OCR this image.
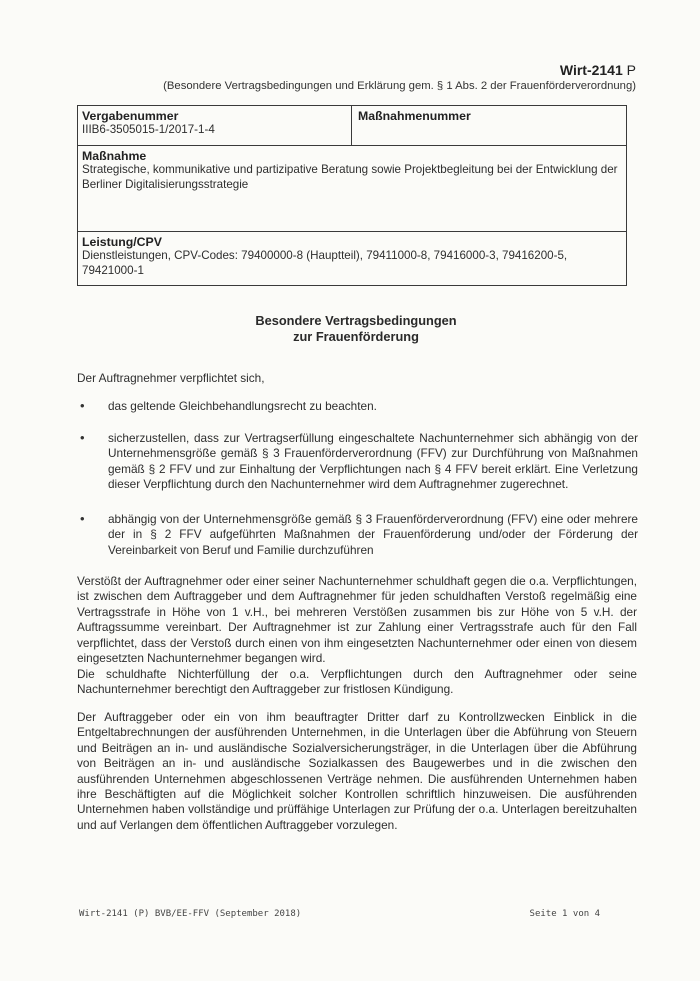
Wirt-2141 P
(Besondere Vertragsbedingungen und Erklärung gem. § 1 Abs. 2 der Frauenförderverordnung)
Vergabenummer
IIIB6-3505015-1/2017-1-4
Maßnahmenummer
Maßnahme
Strategische, kommunikative und partizipative Beratung sowie Projektbegleitung bei der Entwicklung der Berliner Digitalisierungsstrategie
Leistung/CPV
Dienstleistungen, CPV-Codes: 79400000-8 (Hauptteil), 79411000-8, 79416000-3, 79416200-5, 79421000-1
Besondere Vertragsbedingungen
zur Frauenförderung
Der Auftragnehmer verpflichtet sich,
• das geltende Gleichbehandlungsrecht zu beachten.
• sicherzustellen, dass zur Vertragserfüllung eingeschaltete Nachunternehmer sich abhängig von der Unternehmensgröße gemäß § 3 Frauenförderverordnung (FFV) zur Durchführung von Maßnahmen gemäß § 2 FFV und zur Einhaltung der Verpflichtungen nach § 4 FFV bereit erklärt. Eine Verletzung dieser Verpflichtung durch den Nachunternehmer wird dem Auftragnehmer zugerechnet.
• abhängig von der Unternehmensgröße gemäß § 3 Frauenförderverordnung (FFV) eine oder mehrere der in § 2 FFV aufgeführten Maßnahmen der Frauenförderung und/oder der Förderung der Vereinbarkeit von Beruf und Familie durchzuführen
Verstößt der Auftragnehmer oder einer seiner Nachunternehmer schuldhaft gegen die o.a. Verpflichtungen, ist zwischen dem Auftraggeber und dem Auftragnehmer für jeden schuldhaften Verstoß regelmäßig eine Vertragsstrafe in Höhe von 1 v.H., bei mehreren Verstößen zusammen bis zur Höhe von 5 v.H. der Auftragssumme vereinbart. Der Auftragnehmer ist zur Zahlung einer Vertragsstrafe auch für den Fall verpflichtet, dass der Verstoß durch einen von ihm eingesetzten Nachunternehmer oder einen von diesem eingesetzten Nachunternehmer begangen wird.
Die schuldhafte Nichterfüllung der o.a. Verpflichtungen durch den Auftragnehmer oder seine Nachunternehmer berechtigt den Auftraggeber zur fristlosen Kündigung.
Der Auftraggeber oder ein von ihm beauftragter Dritter darf zu Kontrollzwecken Einblick in die Entgeltabrechnungen der ausführenden Unternehmen, in die Unterlagen über die Abführung von Steuern und Beiträgen an in- und ausländische Sozialversicherungsträger, in die Unterlagen über die Abführung von Beiträgen an in- und ausländische Sozialkassen des Baugewerbes und in die zwischen den ausführenden Unternehmen abgeschlossenen Verträge nehmen. Die ausführenden Unternehmen haben ihre Beschäftigten auf die Möglichkeit solcher Kontrollen schriftlich hinzuweisen. Die ausführenden Unternehmen haben vollständige und prüffähige Unterlagen zur Prüfung der o.a. Unterlagen bereitzuhalten und auf Verlangen dem öffentlichen Auftraggeber vorzulegen.
Wirt-2141 (P) BVB/EE-FFV (September 2018)	Seite 1 von 4
